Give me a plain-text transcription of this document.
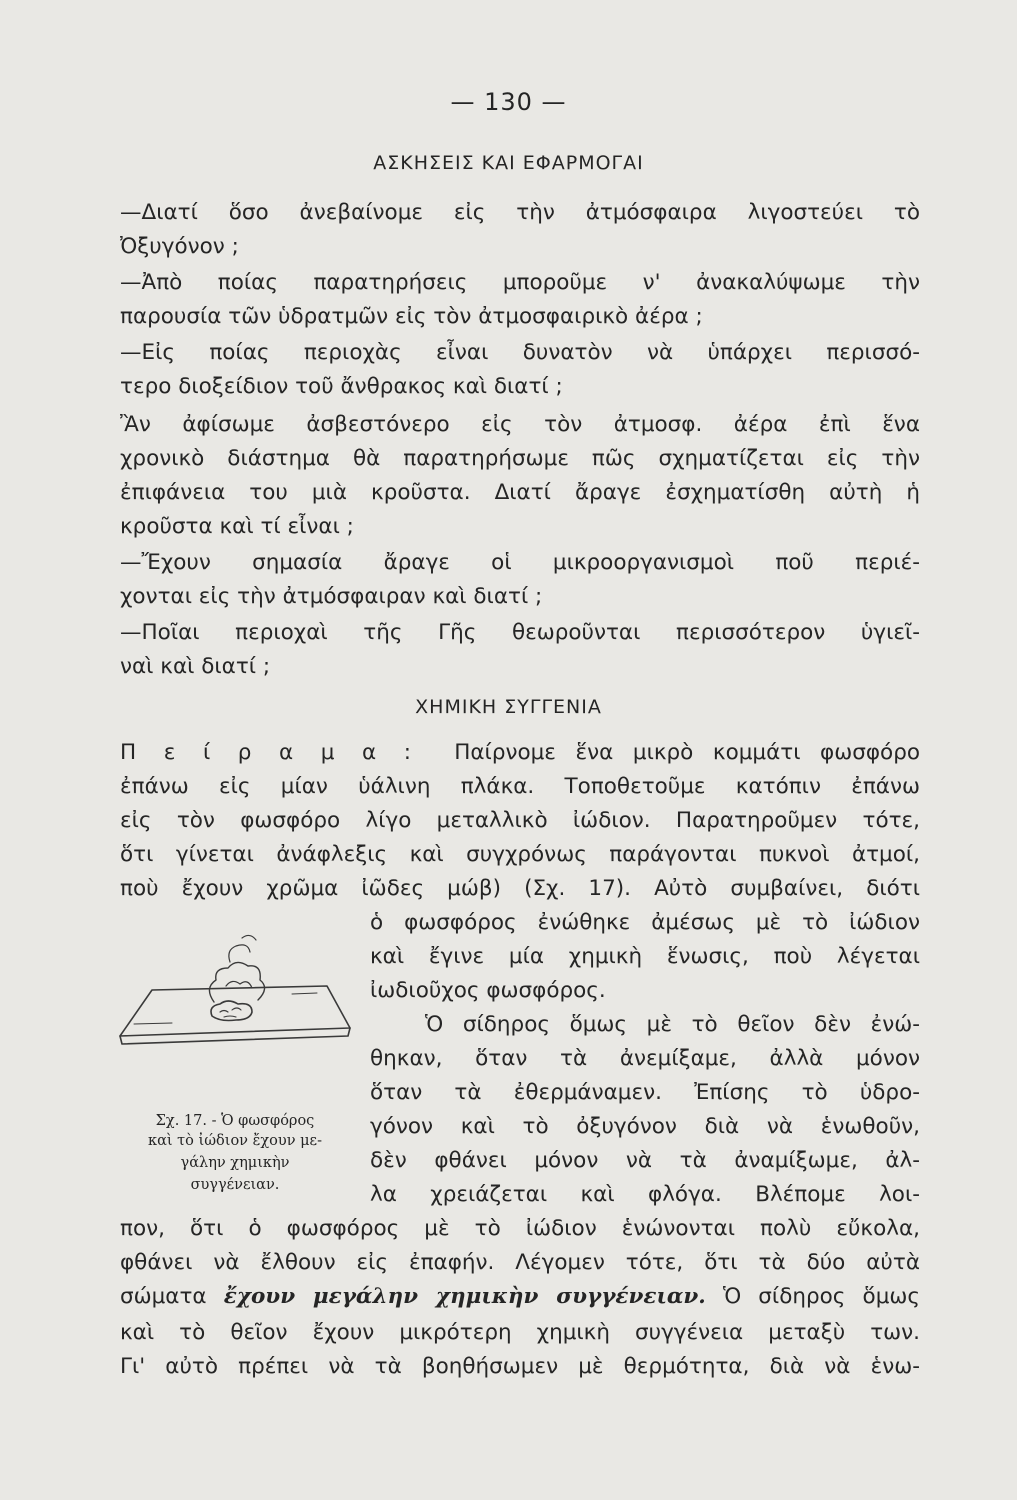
— 130 —
ΑΣΚΗΣΕΙΣ ΚΑΙ ΕΦΑΡΜΟΓΑΙ
—Διατί ὅσο ἀνεβαίνομε εἰς τὴν ἀτμόσφαιρα λιγοστεύει τὸ
Ὀξυγόνον ;
—Ἀπὸ ποίας παρατηρήσεις μποροῦμε ν' ἀνακαλύψωμε τὴν
παρουσία τῶν ὑδρατμῶν εἰς τὸν ἀτμοσφαιρικὸ ἀέρα ;
—Εἰς ποίας περιοχὰς εἶναι δυνατὸν νὰ ὑπάρχει περισσό-
τερο διοξείδιον τοῦ ἄνθρακος καὶ διατί ;
Ἂν ἀφίσωμε ἀσβεστόνερο εἰς τὸν ἀτμοσφ. ἀέρα ἐπὶ ἕνα
χρονικὸ διάστημα θὰ παρατηρήσωμε πῶς σχηματίζεται εἰς τὴν
ἐπιφάνεια του μιὰ κροῦστα. Διατί ἄραγε ἐσχηματίσθη αὐτὴ ἡ
κροῦστα καὶ τί εἶναι ;
—Ἔχουν σημασία ἄραγε οἱ μικροοργανισμοὶ ποῦ περιέ-
χονται εἰς τὴν ἀτμόσφαιραν καὶ διατί ;
—Ποῖαι περιοχαὶ τῆς Γῆς θεωροῦνται περισσότερον ὑγιεῖ-
ναὶ καὶ διατί ;
ΧΗΜΙΚΗ ΣΥΓΓΕΝΙΑ
Π ε ί ρ α μ α : Παίρνομε ἕνα μικρὸ κομμάτι φωσφόρο
ἐπάνω εἰς μίαν ὑάλινη πλάκα. Τοποθετοῦμε κατόπιν ἐπάνω
εἰς τὸν φωσφόρο λίγο μεταλλικὸ ἰώδιον. Παρατηροῦμεν τότε,
ὅτι γίνεται ἀνάφλεξις καὶ συγχρόνως παράγονται πυκνοὶ ἀτμοί,
ποὺ ἔχουν χρῶμα ἰῶδες μώβ) (Σχ. 17). Αὐτὸ συμβαίνει, διότι
ὁ φωσφόρος ἐνώθηκε ἀμέσως μὲ τὸ ἰώδιον
καὶ ἔγινε μία χημικὴ ἕνωσις, ποὺ λέγεται
ἰωδιοῦχος φωσφόρος.
Ὁ σίδηρος ὅμως μὲ τὸ θεῖον δὲν ἐνώ-
θηκαν, ὅταν τὰ ἀνεμίξαμε, ἀλλὰ μόνον
ὅταν τὰ ἐθερμάναμεν. Ἐπίσης τὸ ὑδρο-
γόνον καὶ τὸ ὀξυγόνον διὰ νὰ ἑνωθοῦν,
δὲν φθάνει μόνον νὰ τὰ ἀναμίξωμε, ἀλ-
λα χρειάζεται καὶ φλόγα. Βλέπομε λοι-
πον, ὅτι ὁ φωσφόρος μὲ τὸ ἰώδιον ἑνώνονται πολὺ εὔκολα,
φθάνει νὰ ἔλθουν εἰς ἐπαφήν. Λέγομεν τότε, ὅτι τὰ δύο αὐτὰ
σώματα ἔχουν μεγάλην χημικὴν συγγένειαν. Ὁ σίδηρος ὅμως
καὶ τὸ θεῖον ἔχουν μικρότερη χημικὴ συγγένεια μεταξὺ των.
Γι' αὐτὸ πρέπει νὰ τὰ βοηθήσωμεν μὲ θερμότητα, διὰ νὰ ἑνω-
Σχ. 17. - Ὁ φωσφόρος
καὶ τὸ ἰώδιον ἔχουν με-
γάλην χημικὴν
συγγένειαν.
